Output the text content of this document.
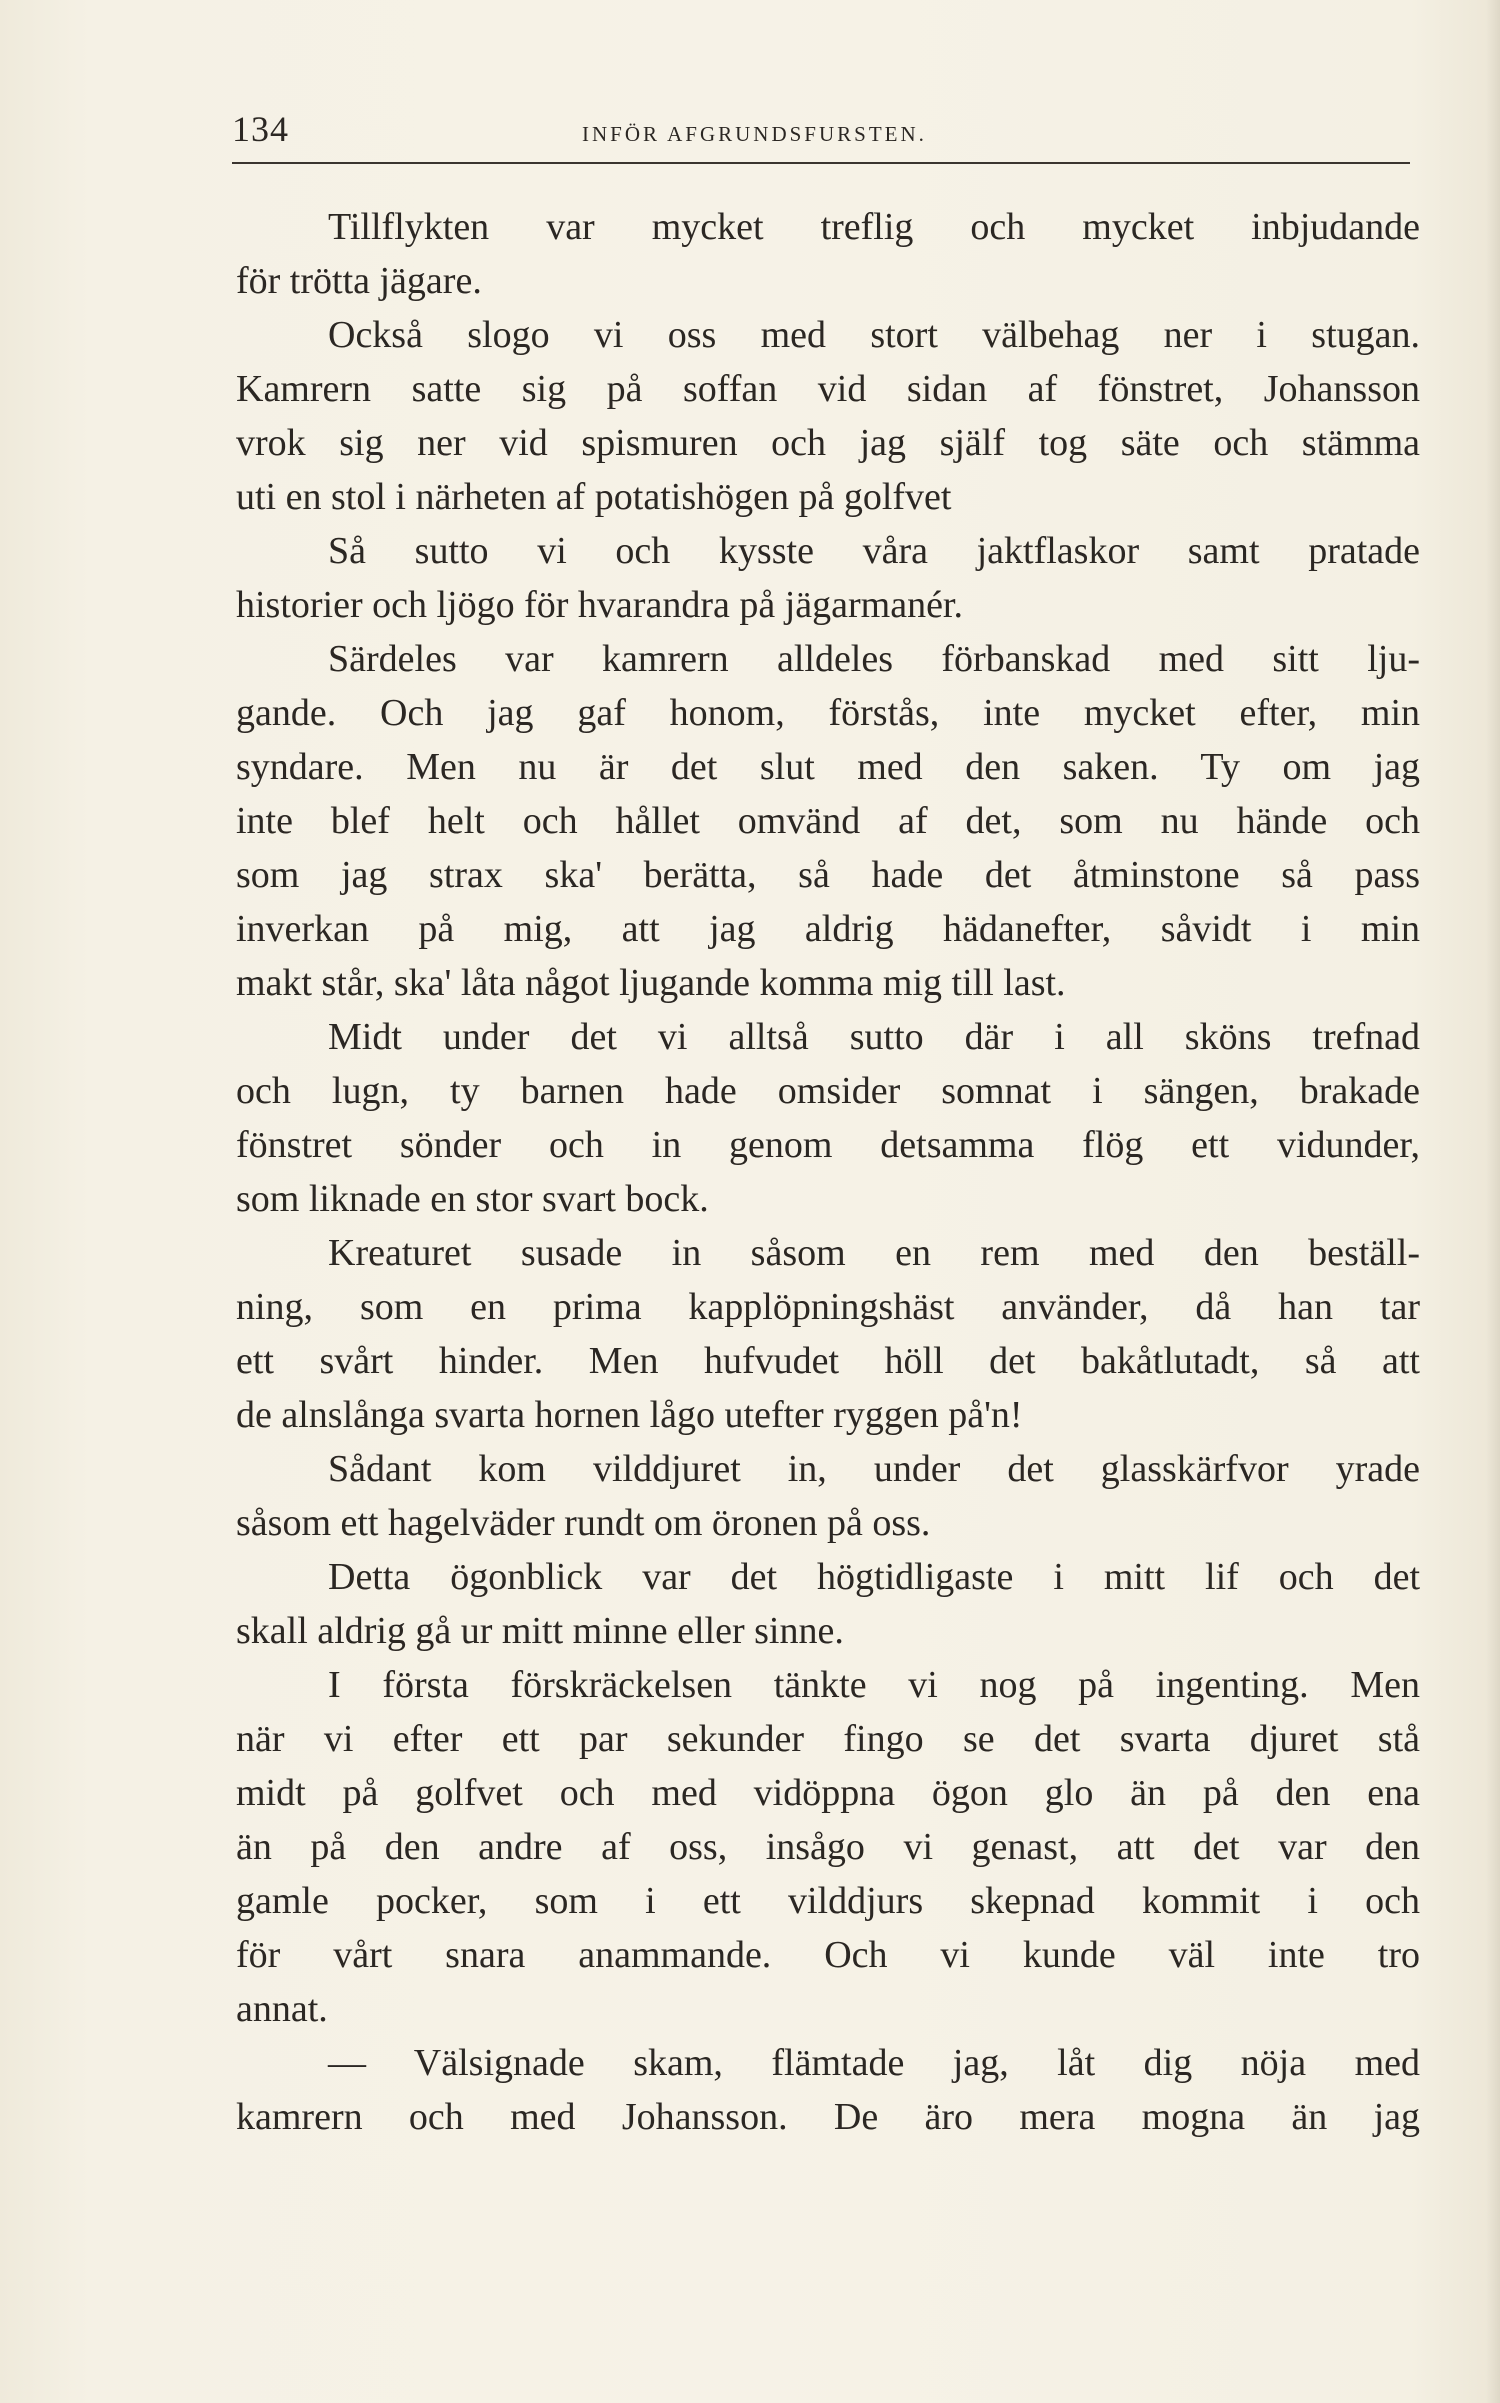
134	INFÖR AFGRUNDSFURSTEN.
Tillflykten var mycket treflig och mycket inbjudande
för trötta jägare.
Också slogo vi oss med stort välbehag ner i stugan.
Kamrern satte sig på soffan vid sidan af fönstret, Johansson
vrok sig ner vid spismuren och jag själf tog säte och stämma
uti en stol i närheten af potatishögen på golfvet
Så sutto vi och kysste våra jaktflaskor samt pratade
historier och ljögo för hvarandra på jägarmanér.
Särdeles var kamrern alldeles förbanskad med sitt lju-
gande. Och jag gaf honom, förstås, inte mycket efter, min
syndare. Men nu är det slut med den saken. Ty om jag
inte blef helt och hållet omvänd af det, som nu hände och
som jag strax ska' berätta, så hade det åtminstone så pass
inverkan på mig, att jag aldrig hädanefter, såvidt i min
makt står, ska' låta något ljugande komma mig till last.
Midt under det vi alltså sutto där i all sköns trefnad
och lugn, ty barnen hade omsider somnat i sängen, brakade
fönstret sönder och in genom detsamma flög ett vidunder,
som liknade en stor svart bock.
Kreaturet susade in såsom en rem med den beställ-
ning, som en prima kapplöpningshäst använder, då han tar
ett svårt hinder. Men hufvudet höll det bakåtlutadt, så att
de alnslånga svarta hornen lågo utefter ryggen på'n!
Sådant kom vilddjuret in, under det glasskärfvor yrade
såsom ett hagelväder rundt om öronen på oss.
Detta ögonblick var det högtidligaste i mitt lif och det
skall aldrig gå ur mitt minne eller sinne.
I första förskräckelsen tänkte vi nog på ingenting. Men
när vi efter ett par sekunder fingo se det svarta djuret stå
midt på golfvet och med vidöppna ögon glo än på den ena
än på den andre af oss, insågo vi genast, att det var den
gamle pocker, som i ett vilddjurs skepnad kommit i och
för vårt snara anammande. Och vi kunde väl inte tro
annat.
— Välsignade skam, flämtade jag, låt dig nöja med
kamrern och med Johansson. De äro mera mogna än jag
